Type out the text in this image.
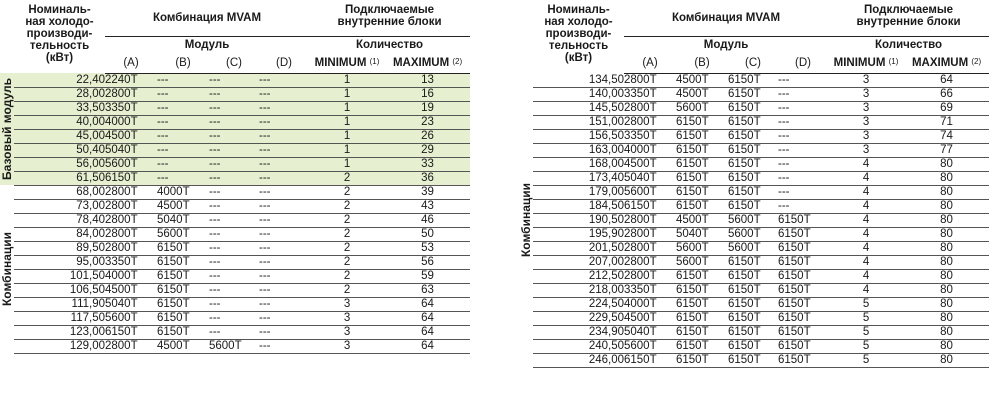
	Номиналь-
ная холодо-
производи-
тельность
(кВт)	Комбинация MVAM				Подключаемые
внутренние блоки	
		Модуль				Количество	
		(A)	(B)	(C)	(D)	MINIMUM $^{(1)}$	MAXIMUM $^{(2)}$

Базовый модуль	22,40	2240T	---	---	---	1	13
	28,00	2800T	---	---	---	1	16
	33,50	3350T	---	---	---	1	19
	40,00	4000T	---	---	---	1	23
	45,00	4500T	---	---	---	1	26
	50,40	5040T	---	---	---	1	29
	56,00	5600T	---	---	---	1	33
	61,50	6150T	---	---	---	2	36

Комбинации	68,00	2800T	4000T	---	---	2	39
	73,00	2800T	4500T	---	---	2	43
	78,40	2800T	5040T	---	---	2	46
	84,00	2800T	5600T	---	---	2	50
	89,50	2800T	6150T	---	---	2	53
	95,00	3350T	6150T	---	---	2	56
	101,50	4000T	6150T	---	---	2	59
	106,50	4500T	6150T	---	---	2	63
	111,90	5040T	6150T	---	---	3	64
	117,50	5600T	6150T	---	---	3	64
	123,00	6150T	6150T	---	---	3	64
	129,00	2800T	4500T	5600T	---	3	64
	Номиналь-
ная холодо-
производи-
тельность
(кВт)	Комбинация MVAM				Подключаемые
внутренние блоки	
		Модуль				Количество	
		(A)	(B)	(C)	(D)	MINIMUM $^{(1)}$	MAXIMUM $^{(2)}$

Комбинации	134,50	2800T	4500T	6150T	---	3	64
	140,00	3350T	4500T	6150T	---	3	66
	145,50	2800T	5600T	6150T	---	3	69
	151,00	2800T	6150T	6150T	---	3	71
	156,50	3350T	6150T	6150T	---	3	74
	163,00	4000T	6150T	6150T	---	3	77
	168,00	4500T	6150T	6150T	---	4	80
	173,40	5040T	6150T	6150T	---	4	80
	179,00	5600T	6150T	6150T	---	4	80
	184,50	6150T	6150T	6150T	---	4	80
	190,50	2800T	4500T	5600T	6150T	4	80
	195,90	2800T	5040T	5600T	6150T	4	80
	201,50	2800T	5600T	5600T	6150T	4	80
	207,00	2800T	5600T	6150T	6150T	4	80
	212,50	2800T	6150T	6150T	6150T	4	80
	218,00	3350T	6150T	6150T	6150T	4	80
	224,50	4000T	6150T	6150T	6150T	5	80
	229,50	4500T	6150T	6150T	6150T	5	80
	234,90	5040T	6150T	6150T	6150T	5	80
	240,50	5600T	6150T	6150T	6150T	5	80
	246,00	6150T	6150T	6150T	6150T	5	80
